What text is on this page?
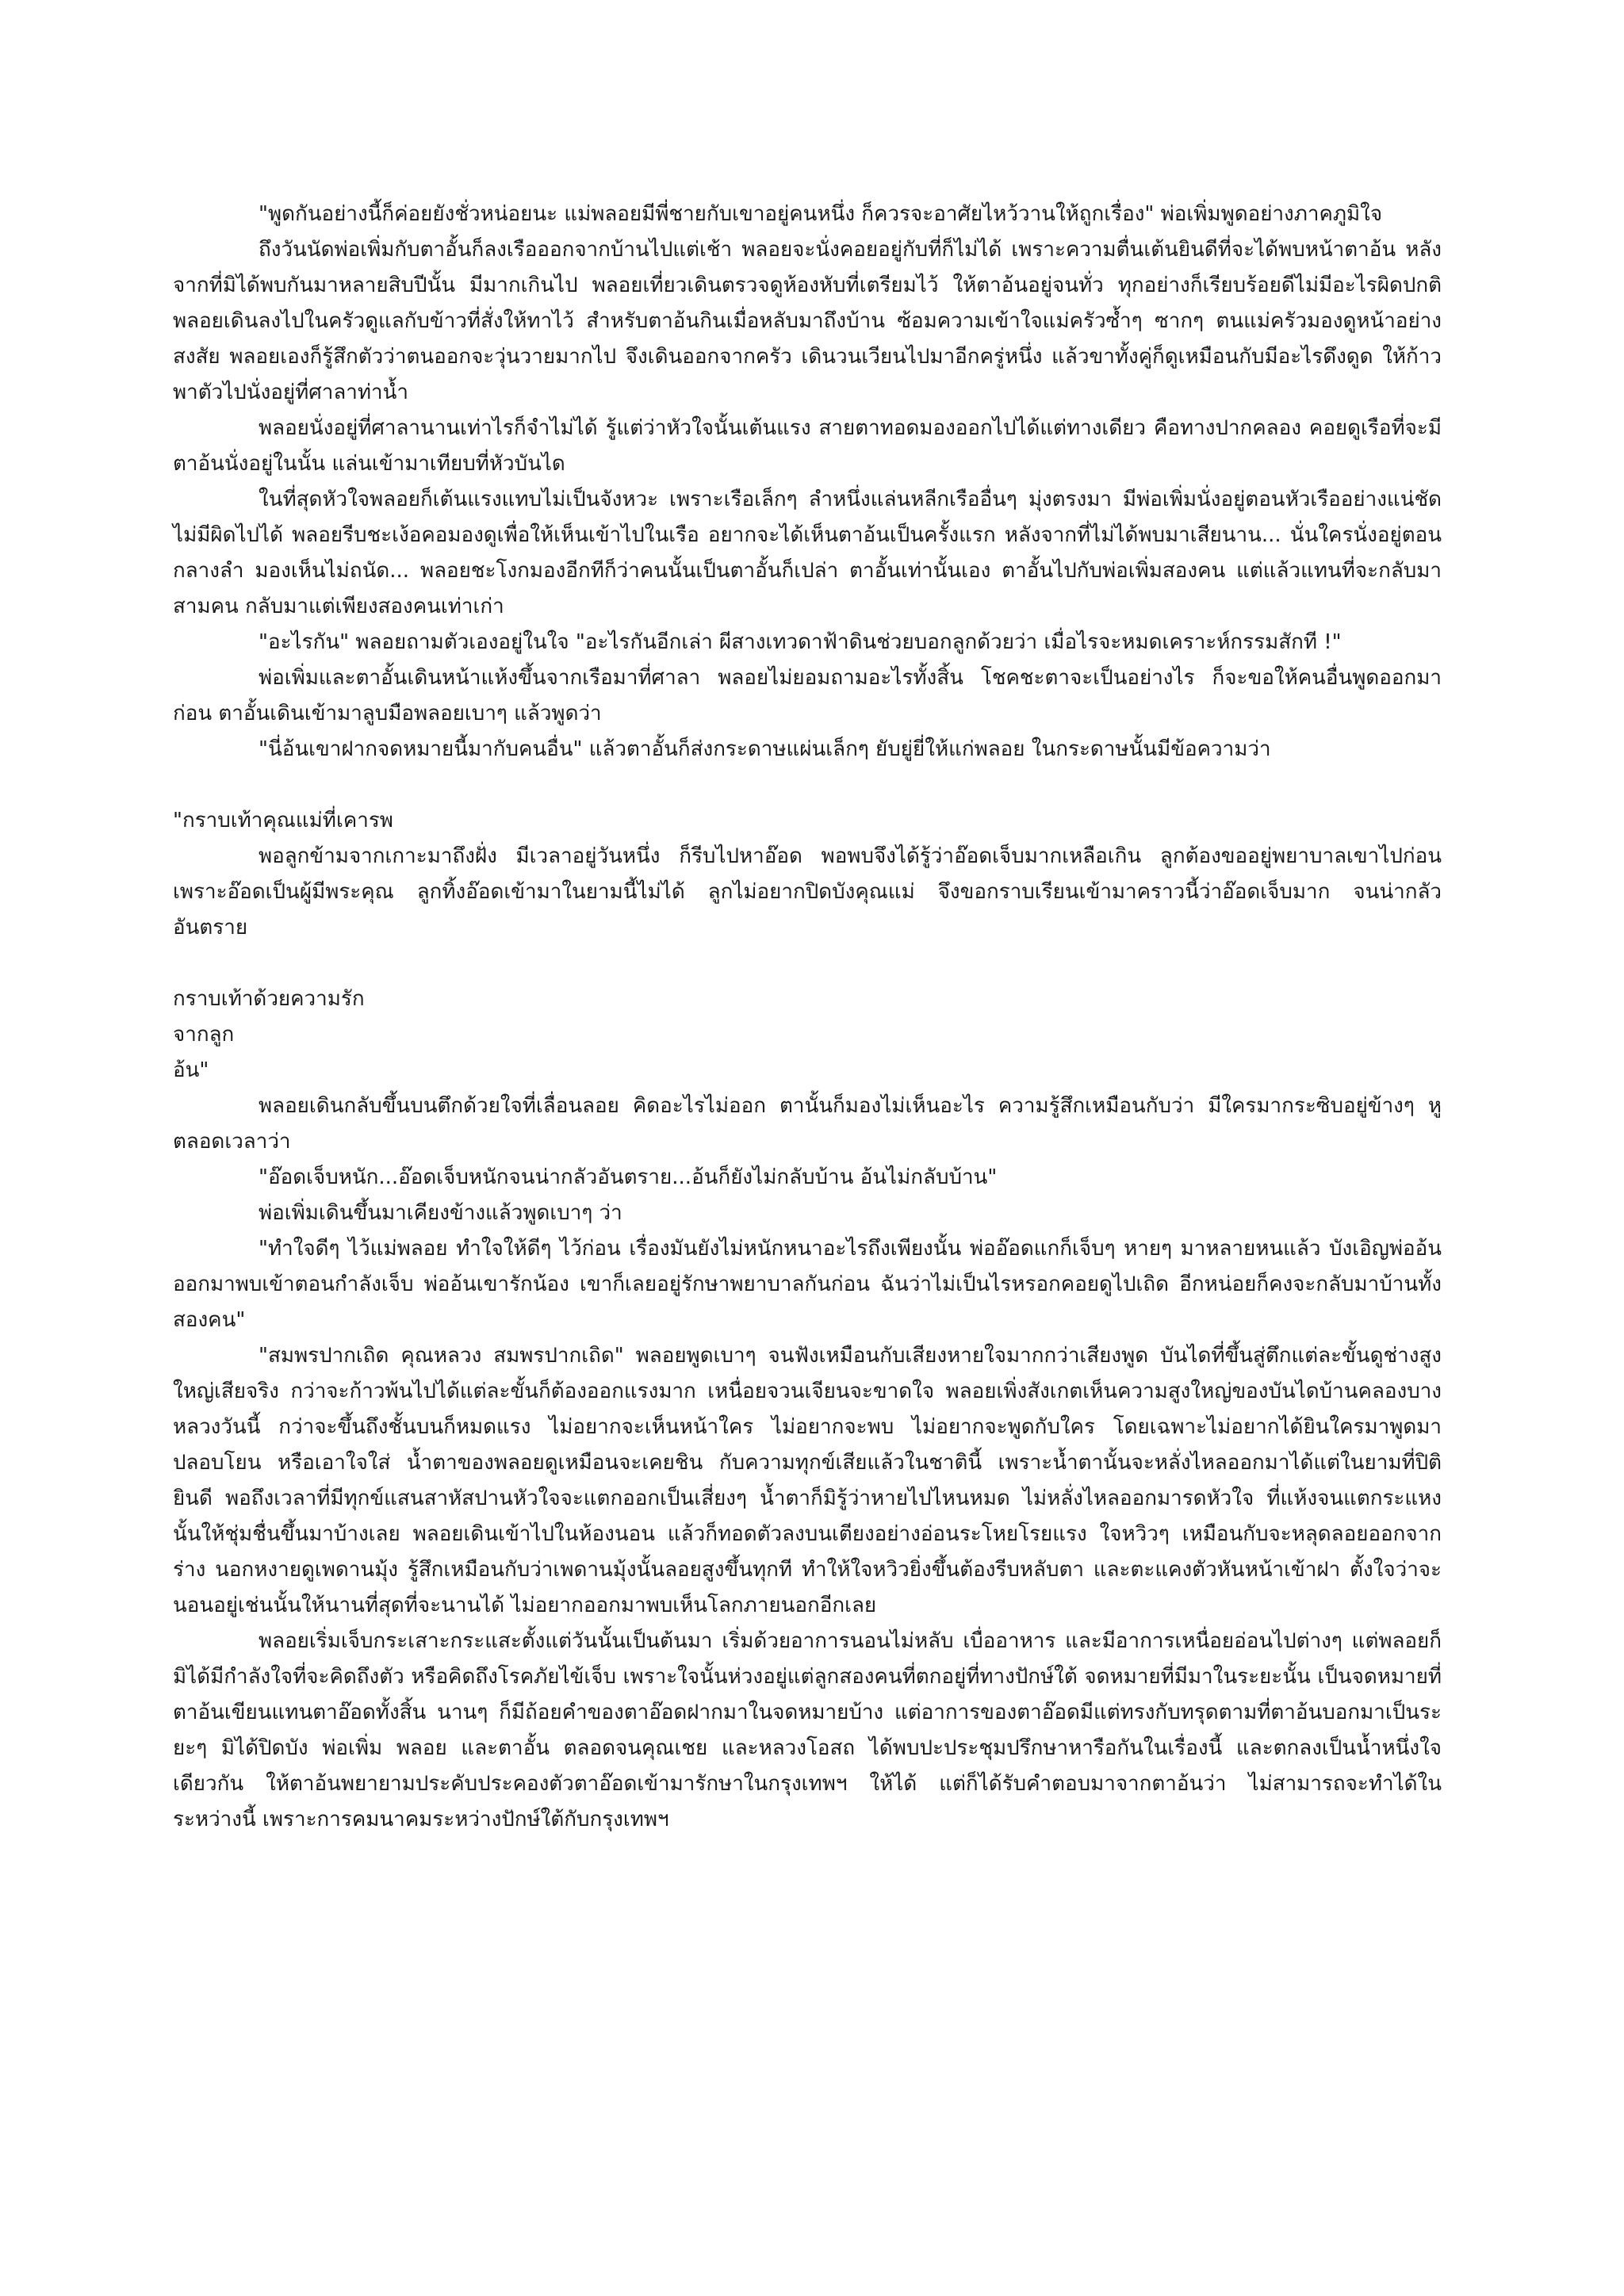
"พูดกันอย่างนี้ก็ค่อยยังชั่วหน่อยนะ แม่พลอยมีพี่ชายกับเขาอยู่คนหนึ่ง ก็ควรจะอาศัยไหว้วานให้ถูกเรื่อง" พ่อเพิ่มพูดอย่างภาคภูมิใจ

ถึงวันนัดพ่อเพิ่มกับตาอั้นก็ลงเรือออกจากบ้านไปแต่เช้า พลอยจะนั่งคอยอยู่กับที่ก็ไม่ได้ เพราะความตื่นเต้นยินดีที่จะได้พบหน้าตาอ้น หลังจากที่มิได้พบกันมาหลายสิบปีนั้น มีมากเกินไป พลอยเที่ยวเดินตรวจดูห้องหับที่เตรียมไว้ ให้ตาอ้นอยู่จนทั่ว ทุกอย่างก็เรียบร้อยดีไม่มีอะไรผิดปกติ พลอยเดินลงไปในครัวดูแลกับข้าวที่สั่งให้ทาไว้ สำหรับตาอ้นกินเมื่อหลับมาถึงบ้าน ซ้อมความเข้าใจแม่ครัวซ้ำๆ ซากๆ ตนแม่ครัวมองดูหน้าอย่างสงสัย พลอยเองก็รู้สึกตัวว่าตนออกจะวุ่นวายมากไป จึงเดินออกจากครัว เดินวนเวียนไปมาอีกครู่หนึ่ง แล้วขาทั้งคู่ก็ดูเหมือนกับมีอะไรดึงดูด ให้ก้าวพาตัวไปนั่งอยู่ที่ศาลาท่าน้ำ

พลอยนั่งอยู่ที่ศาลานานเท่าไรก็จำไม่ได้ รู้แต่ว่าหัวใจนั้นเต้นแรง สายตาทอดมองออกไปได้แต่ทางเดียว คือทางปากคลอง คอยดูเรือที่จะมีตาอ้นนั่งอยู่ในนั้น แล่นเข้ามาเทียบที่หัวบันได

ในที่สุดหัวใจพลอยก็เต้นแรงแทบไม่เป็นจังหวะ เพราะเรือเล็กๆ ลำหนึ่งแล่นหลีกเรืออื่นๆ มุ่งตรงมา มีพ่อเพิ่มนั่งอยู่ตอนหัวเรืออย่างแน่ชัดไม่มีผิดไปได้ พลอยรีบชะเง้อคอมองดูเพื่อให้เห็นเข้าไปในเรือ อยากจะได้เห็นตาอ้นเป็นครั้งแรก หลังจากที่ไม่ได้พบมาเสียนาน... นั่นใครนั่งอยู่ตอนกลางลำ มองเห็นไม่ถนัด... พลอยชะโงกมองอีกทีก็ว่าคนนั้นเป็นตาอั้นก็เปล่า ตาอั้นเท่านั้นเอง ตาอั้นไปกับพ่อเพิ่มสองคน แต่แล้วแทนที่จะกลับมาสามคน กลับมาแต่เพียงสองคนเท่าเก่า

"อะไรกัน" พลอยถามตัวเองอยู่ในใจ "อะไรกันอีกเล่า ผีสางเทวดาฟ้าดินช่วยบอกลูกด้วยว่า เมื่อไรจะหมดเคราะห์กรรมสักที !"

พ่อเพิ่มและตาอั้นเดินหน้าแห้งขึ้นจากเรือมาที่ศาลา พลอยไม่ยอมถามอะไรทั้งสิ้น โชคชะตาจะเป็นอย่างไร ก็จะขอให้คนอื่นพูดออกมาก่อน ตาอั้นเดินเข้ามาลูบมือพลอยเบาๆ แล้วพูดว่า

"นี่อ้นเขาฝากจดหมายนี้มากับคนอื่น" แล้วตาอั้นก็ส่งกระดาษแผ่นเล็กๆ ยับยู่ยี่ให้แก่พลอย ในกระดาษนั้นมีข้อความว่า

"กราบเท้าคุณแม่ที่เคารพ

พอลูกข้ามจากเกาะมาถึงฝั่ง มีเวลาอยู่วันหนึ่ง ก็รีบไปหาอ๊อด พอพบจึงได้รู้ว่าอ๊อดเจ็บมากเหลือเกิน ลูกต้องขออยู่พยาบาลเขาไปก่อน เพราะอ๊อดเป็นผู้มีพระคุณ ลูกทิ้งอ๊อดเข้ามาในยามนี้ไม่ได้ ลูกไม่อยากปิดบังคุณแม่ จึงขอกราบเรียนเข้ามาคราวนี้ว่าอ๊อดเจ็บมาก จนน่ากลัวอันตราย

กราบเท้าด้วยความรัก

จากลูก

อ้น"

พลอยเดินกลับขึ้นบนตึกด้วยใจที่เลื่อนลอย คิดอะไรไม่ออก ตานั้นก็มองไม่เห็นอะไร ความรู้สึกเหมือนกับว่า มีใครมากระซิบอยู่ข้างๆ หูตลอดเวลาว่า

"อ๊อดเจ็บหนัก...อ๊อดเจ็บหนักจนน่ากลัวอันตราย...อ้นก็ยังไม่กลับบ้าน อ้นไม่กลับบ้าน"

พ่อเพิ่มเดินขึ้นมาเคียงข้างแล้วพูดเบาๆ ว่า

"ทำใจดีๆ ไว้แม่พลอย ทำใจให้ดีๆ ไว้ก่อน เรื่องมันยังไม่หนักหนาอะไรถึงเพียงนั้น พ่ออ๊อดแกก็เจ็บๆ หายๆ มาหลายหนแล้ว บังเอิญพ่ออ้นออกมาพบเข้าตอนกำลังเจ็บ พ่ออ้นเขารักน้อง เขาก็เลยอยู่รักษาพยาบาลกันก่อน ฉันว่าไม่เป็นไรหรอกคอยดูไปเถิด อีกหน่อยก็คงจะกลับมาบ้านทั้งสองคน"

"สมพรปากเถิด คุณหลวง สมพรปากเถิด" พลอยพูดเบาๆ จนฟังเหมือนกับเสียงหายใจมากกว่าเสียงพูด บันไดที่ขึ้นสู่ตึกแต่ละขั้นดูช่างสูงใหญ่เสียจริง กว่าจะก้าวพ้นไปได้แต่ละขั้นก็ต้องออกแรงมาก เหนื่อยจวนเจียนจะขาดใจ พลอยเพิ่งสังเกตเห็นความสูงใหญ่ของบันไดบ้านคลองบางหลวงวันนี้ กว่าจะขึ้นถึงชั้นบนก็หมดแรง ไม่อยากจะเห็นหน้าใคร ไม่อยากจะพบ ไม่อยากจะพูดกับใคร โดยเฉพาะไม่อยากได้ยินใครมาพูดมาปลอบโยน หรือเอาใจใส่ น้ำตาของพลอยดูเหมือนจะเคยชิน กับความทุกข์เสียแล้วในชาตินี้ เพราะน้ำตานั้นจะหลั่งไหลออกมาได้แต่ในยามที่ปิติยินดี พอถึงเวลาที่มีทุกข์แสนสาหัสปานหัวใจจะแตกออกเป็นเสี่ยงๆ น้ำตาก็มิรู้ว่าหายไปไหนหมด ไม่หลั่งไหลออกมารดหัวใจ ที่แห้งจนแตกระแหงนั้นให้ชุ่มชื่นขึ้นมาบ้างเลย พลอยเดินเข้าไปในห้องนอน แล้วก็ทอดตัวลงบนเตียงอย่างอ่อนระโหยโรยแรง ใจหวิวๆ เหมือนกับจะหลุดลอยออกจากร่าง นอกหงายดูเพดานมุ้ง รู้สึกเหมือนกับว่าเพดานมุ้งนั้นลอยสูงขึ้นทุกที ทำให้ใจหวิวยิ่งขึ้นต้องรีบหลับตา และตะแคงตัวหันหน้าเข้าฝา ตั้งใจว่าจะนอนอยู่เช่นนั้นให้นานที่สุดที่จะนานได้ ไม่อยากออกมาพบเห็นโลกภายนอกอีกเลย

พลอยเริ่มเจ็บกระเสาะกระแสะตั้งแต่วันนั้นเป็นต้นมา เริ่มด้วยอาการนอนไม่หลับ เบื่ออาหาร และมีอาการเหนื่อยอ่อนไปต่างๆ แต่พลอยก็มิได้มีกำลังใจที่จะคิดถึงตัว หรือคิดถึงโรคภัยไข้เจ็บ เพราะใจนั้นห่วงอยู่แต่ลูกสองคนที่ตกอยู่ที่ทางปักษ์ใต้ จดหมายที่มีมาในระยะนั้น เป็นจดหมายที่ตาอ้นเขียนแทนตาอ๊อดทั้งสิ้น นานๆ ก็มีถ้อยคำของตาอ๊อดฝากมาในจดหมายบ้าง แต่อาการของตาอ๊อดมีแต่ทรงกับทรุดตามที่ตาอ้นบอกมาเป็นระยะๆ มิได้ปิดบัง พ่อเพิ่ม พลอย และตาอั้น ตลอดจนคุณเชย และหลวงโอสถ ได้พบปะประชุมปรึกษาหารือกันในเรื่องนี้ และตกลงเป็นน้ำหนึ่งใจเดียวกัน ให้ตาอ้นพยายามประคับประคองตัวตาอ๊อดเข้ามารักษาในกรุงเทพฯ ให้ได้ แต่ก็ได้รับคำตอบมาจากตาอ้นว่า ไม่สามารถจะทำได้ในระหว่างนี้ เพราะการคมนาคมระหว่างปักษ์ใต้กับกรุงเทพฯ
